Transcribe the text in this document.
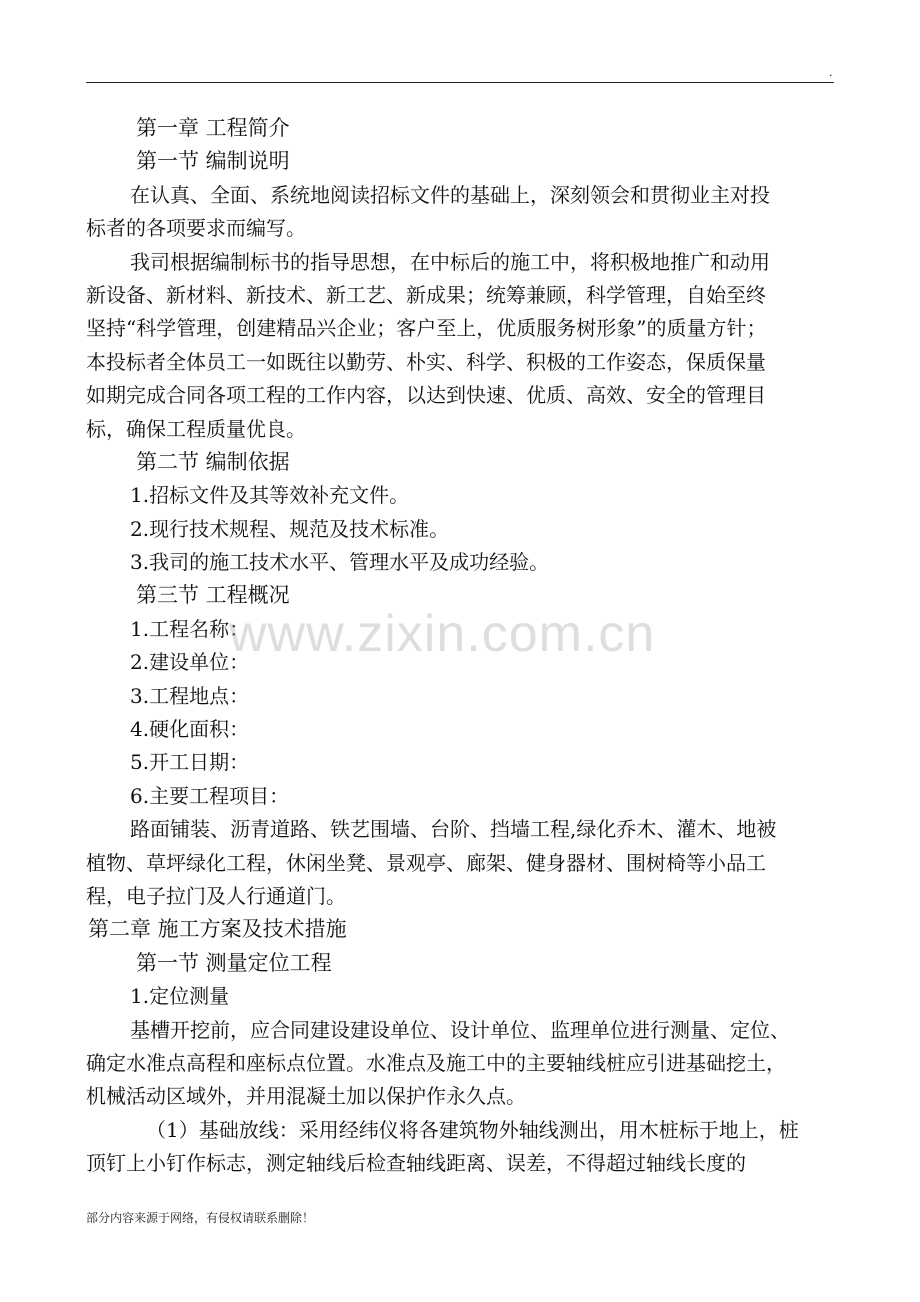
.
第一章 工程简介
第一节 编制说明
在认真、全面、系统地阅读招标文件的基础上，深刻领会和贯彻业主对投
标者的各项要求而编写。
我司根据编制标书的指导思想，在中标后的施工中，将积极地推广和动用
新设备、新材料、新技术、新工艺、新成果；统筹兼顾，科学管理，自始至终
坚持“科学管理，创建精品兴企业；客户至上，优质服务树形象”的质量方针；
本投标者全体员工一如既往以勤劳、朴实、科学、积极的工作姿态，保质保量
如期完成合同各项工程的工作内容，以达到快速、优质、高效、安全的管理目
标，确保工程质量优良。
第二节 编制依据
1.招标文件及其等效补充文件。
2.现行技术规程、规范及技术标准。
3.我司的施工技术水平、管理水平及成功经验。
第三节 工程概况
1.工程名称：
2.建设单位：
3.工程地点：
4.硬化面积：
5.开工日期：
6.主要工程项目：
路面铺装、沥青道路、铁艺围墙、台阶、挡墙工程,绿化乔木、灌木、地被
植物、草坪绿化工程，休闲坐凳、景观亭、廊架、健身器材、围树椅等小品工
程，电子拉门及人行通道门。
第二章 施工方案及技术措施
第一节 测量定位工程
1.定位测量
基槽开挖前，应合同建设建设单位、设计单位、监理单位进行测量、定位、
确定水准点高程和座标点位置。水准点及施工中的主要轴线桩应引进基础挖土，
机械活动区域外，并用混凝土加以保护作永久点。
（1）基础放线：采用经纬仪将各建筑物外轴线测出，用木桩标于地上，桩
顶钉上小钉作标志，测定轴线后检查轴线距离、误差，不得超过轴线长度的
www.zixin.com.cn
部分内容来源于网络，有侵权请联系删除！
